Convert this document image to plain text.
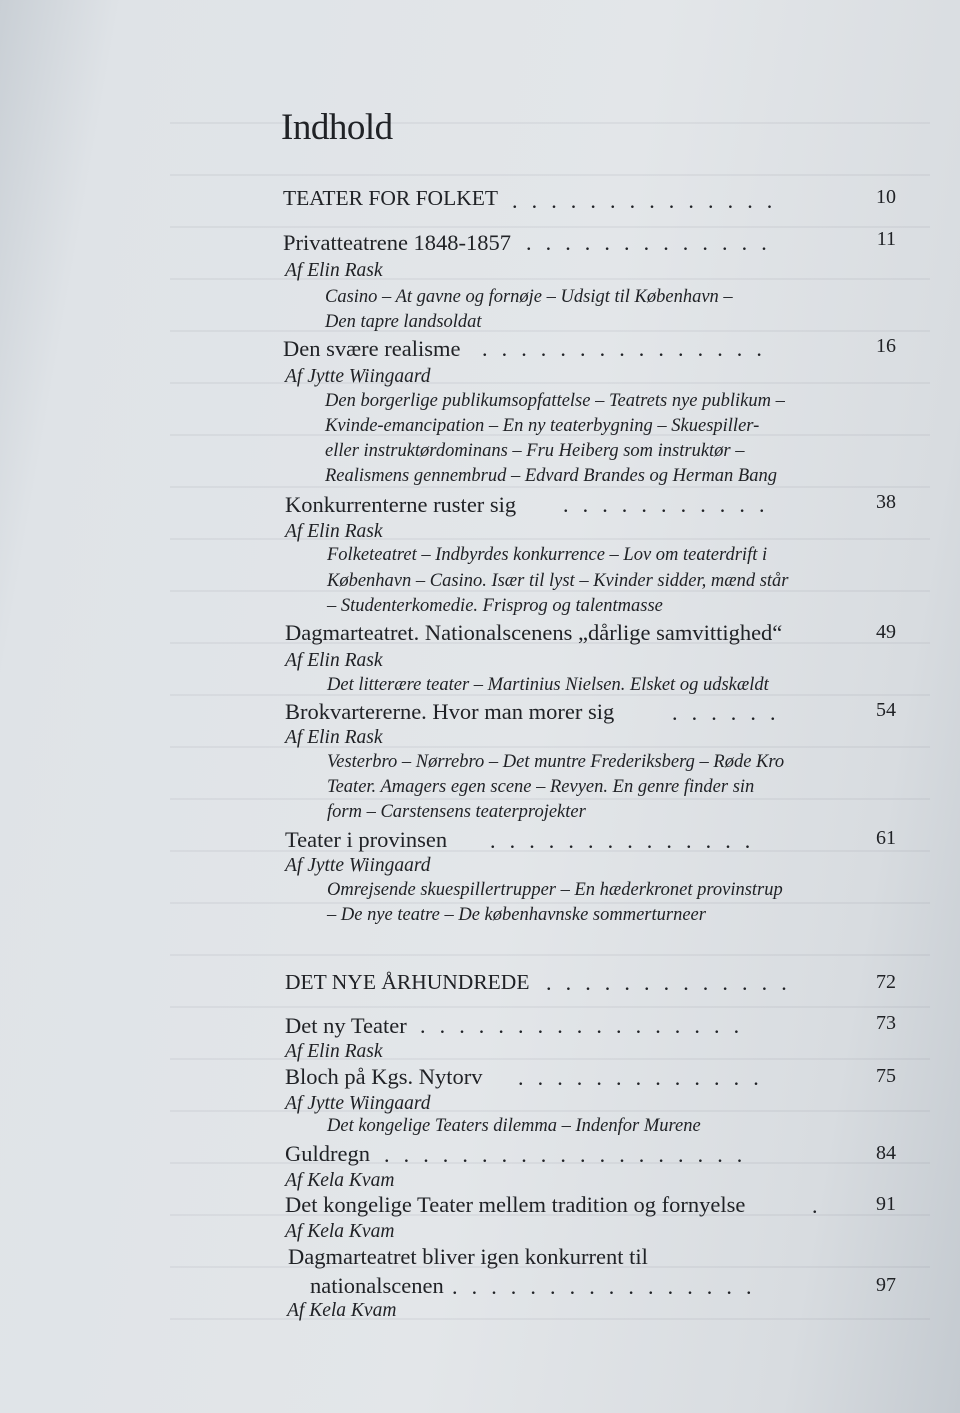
Indhold
TEATER FOR FOLKET . . . . . . . . . . . . . .	10
Privatteatrene 1848-1857 . . . . . . . . . . . . .	11
Af Elin Rask
Casino – At gavne og fornøje – Udsigt til København –
Den tapre landsoldat
Den svære realisme . . . . . . . . . . . . . . .	16
Af Jytte Wiingaard
Den borgerlige publikumsopfattelse – Teatrets nye publikum –
Kvinde-emancipation – En ny teaterbygning – Skuespiller-
eller instruktørdominans – Fru Heiberg som instruktør –
Realismens gennembrud – Edvard Brandes og Herman Bang
Konkurrenterne ruster sig . . . . . . . . . . .	38
Af Elin Rask
Folketeatret – Indbyrdes konkurrence – Lov om teaterdrift i
København – Casino. Især til lyst – Kvinder sidder, mænd står
– Studenterkomedie. Frisprog og talentmasse
Dagmarteatret. Nationalscenens „dårlige samvittighed“	49
Af Elin Rask
Det litterære teater – Martinius Nielsen. Elsket og udskældt
Brokvartererne. Hvor man morer sig	. . . . . .	54
Af Elin Rask
Vesterbro – Nørrebro – Det muntre Frederiksberg – Røde Kro
Teater. Amagers egen scene – Revyen. En genre finder sin
form – Carstensens teaterprojekter
Teater i provinsen . . . . . . . . . . . . . .	61
Af Jytte Wiingaard
Omrejsende skuespillertrupper – En hæderkronet provinstrup
– De nye teatre – De københavnske sommerturneer
DET NYE ÅRHUNDREDE . . . . . . . . . . . . .	72
Det ny Teater . . . . . . . . . . . . . . . . .	73
Af Elin Rask
Bloch på Kgs. Nytorv . . . . . . . . . . . . .	75
Af Jytte Wiingaard
Det kongelige Teaters dilemma – Indenfor Murene
Guldregn . . . . . . . . . . . . . . . . . . .	84
Af Kela Kvam
Det kongelige Teater mellem tradition og fornyelse	.	91
Af Kela Kvam
Dagmarteatret bliver igen konkurrent til
nationalscenen . . . . . . . . . . . . . . . .	97
Af Kela Kvam
